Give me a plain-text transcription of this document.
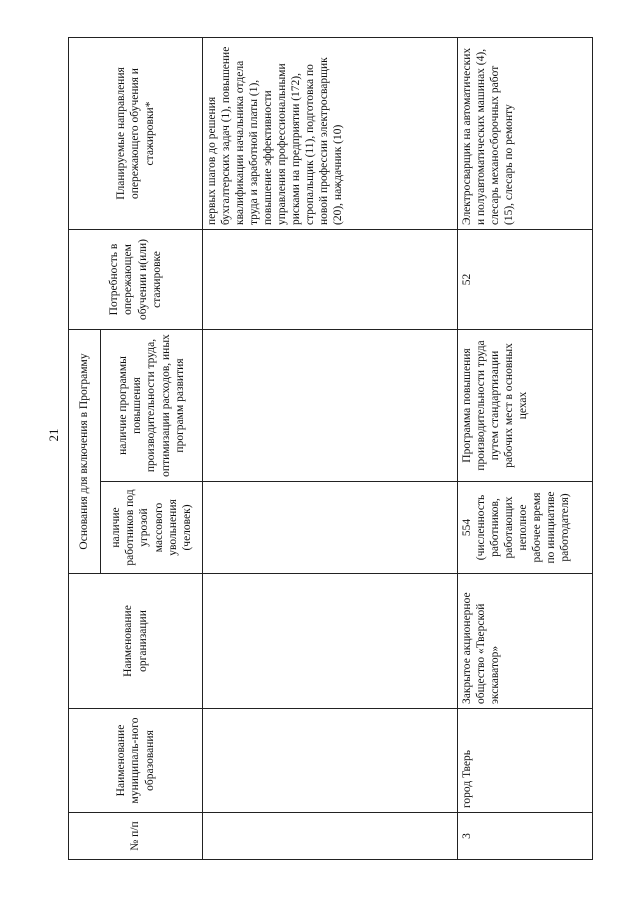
21
№ п/п	Наименование муниципаль-ного образования	Наименование организации	Основания для включения в Программу		Потребность в опережающем обучении и(или) стажировке	Планируемые направления опережающего обучения и стажировки*
			наличие работников под угрозой массового увольнения (человек)	наличие программы повышения производительности труда, оптимизации расходов, иных программ развития		
						первых шагов до решения бухгалтерских задач (1), повышение квалификации начальника отдела труда и заработной платы (1), повышение эффективности управления профессиональными рисками на предприятии (172), стропальщик (11), подготовка по новой профессии электросварщик (20), наждачник (10)
3	город Тверь	Закрытое акционерное общество «Тверской экскаватор»	554 (численность работников, работающих неполное рабочее время по инициативе работодателя)	Программа повышения производительности труда путем стандартизации рабочих мест в основных цехах	52	Электросварщик на автоматических и полуавтоматических машинах (4), слесарь механосборочных работ (15), слесарь по ремонту
